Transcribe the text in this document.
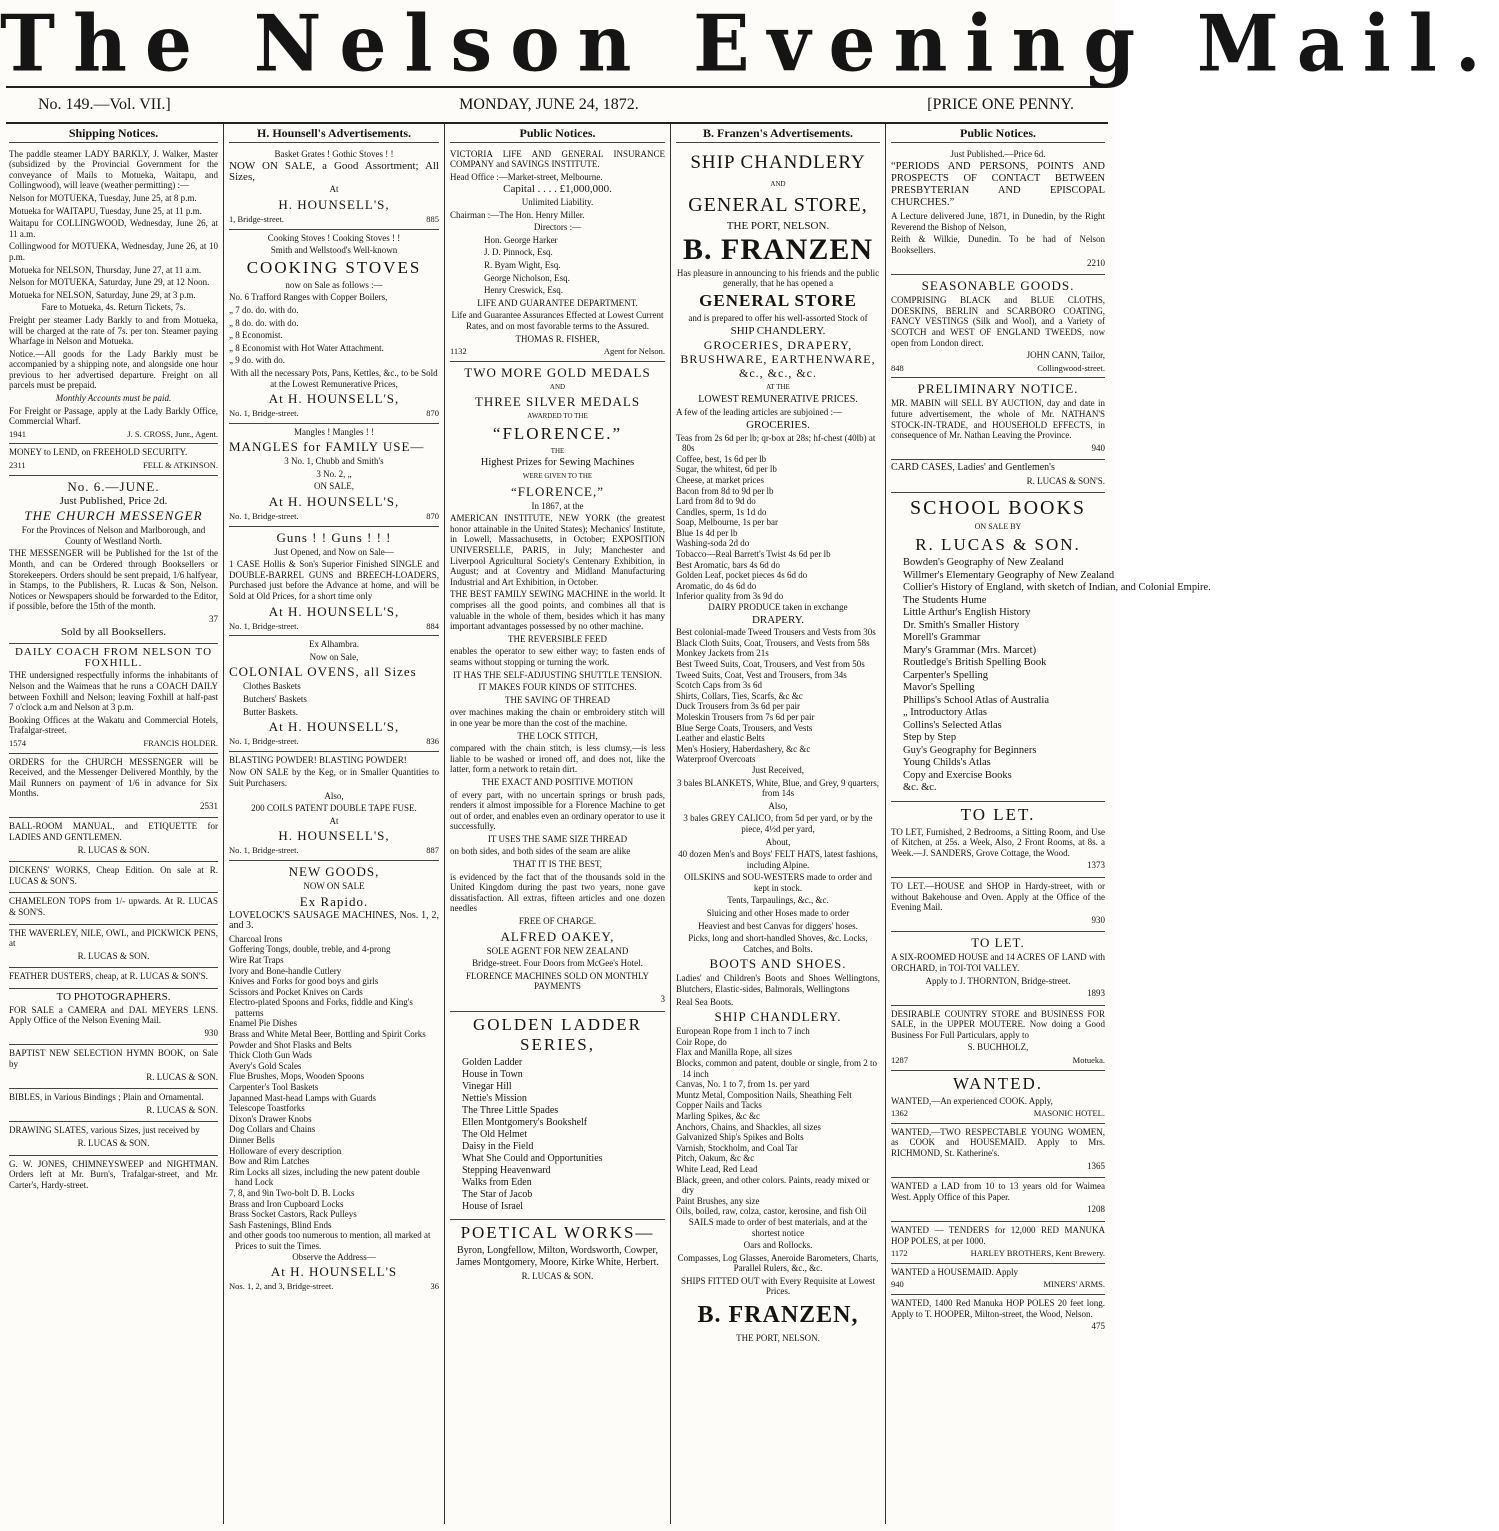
The Nelson Evening Mail.
No. 149.—Vol. VII.]	MONDAY, JUNE 24, 1872.	[PRICE ONE PENNY.
Shipping Notices.

The paddle steamer LADY BARKLY, J. Walker, Master (subsidized by the Provincial Government for the conveyance of Mails to Motueka, Waitapu, and Collingwood), will leave (weather permitting) :—

Nelson for MOTUEKA, Tuesday, June 25, at 8 p.m.

Motueka for WAITAPU, Tuesday, June 25, at 11 p.m.

Waitapu for COLLINGWOOD, Wednesday, June 26, at 11 a.m.

Collingwood for MOTUEKA, Wednesday, June 26, at 10 p.m.

Motueka for NELSON, Thursday, June 27, at 11 a.m.

Nelson for MOTUEKA, Saturday, June 29, at 12 Noon.

Motueka for NELSON, Saturday, June 29, at 3 p.m.

Fare to Motueka, 4s. Return Tickets, 7s.

Freight per steamer Lady Barkly to and from Motueka, will be charged at the rate of 7s. per ton. Steamer paying Wharfage in Nelson and Motueka.

Notice.—All goods for the Lady Barkly must be accompanied by a shipping note, and alongside one hour previous to her advertised departure. Freight on all parcels must be prepaid.

Monthly Accounts must be paid.

For Freight or Passage, apply at the Lady Barkly Office, Commercial Wharf.

1941	J. S. CROSS, Junr., Agent.

MONEY to LEND, on FREEHOLD SECURITY.

2311	FELL & ATKINSON.

No. 6.—JUNE.

Just Published, Price 2d.

THE CHURCH MESSENGER

For the Provinces of Nelson and Marlborough, and County of Westland North.

THE MESSENGER will be Published for the 1st of the Month, and can be Ordered through Booksellers or Storekeepers. Orders should be sent prepaid, 1/6 halfyear, in Stamps, to the Publishers, R. Lucas & Son, Nelson. Notices or Newspapers should be forwarded to the Editor, if possible, before the 15th of the month.

37

Sold by all Booksellers.

DAILY COACH FROM NELSON TO FOXHILL.

THE undersigned respectfully informs the inhabitants of Nelson and the Waimeas that he runs a COACH DAILY between Foxhill and Nelson; leaving Foxhill at half-past 7 o'clock a.m and Nelson at 3 p.m.

Booking Offices at the Wakatu and Commercial Hotels, Trafalgar-street.

1574	FRANCIS HOLDER.

ORDERS for the CHURCH MESSENGER will be Received, and the Messenger Delivered Monthly, by the Mail Runners on payment of 1/6 in advance for Six Months.

2531

BALL-ROOM MANUAL, and ETIQUETTE for LADIES AND GENTLEMEN.

R. LUCAS & SON.

DICKENS' WORKS, Cheap Edition. On sale at R. LUCAS & SON'S.

CHAMELEON TOPS from 1/- upwards. At R. LUCAS & SON'S.

THE WAVERLEY, NILE, OWL, and PICKWICK PENS, at

R. LUCAS & SON.

FEATHER DUSTERS, cheap, at R. LUCAS & SON'S.

TO PHOTOGRAPHERS.

FOR SALE a CAMERA and DAL MEYERS LENS. Apply Office of the Nelson Evening Mail.

930

BAPTIST NEW SELECTION HYMN BOOK, on Sale by

R. LUCAS & SON.

BIBLES, in Various Bindings ; Plain and Ornamental.

R. LUCAS & SON.

DRAWING SLATES, various Sizes, just received by

R. LUCAS & SON.

G. W. JONES, CHIMNEYSWEEP and NIGHTMAN. Orders left at Mr. Burn's, Trafalgar-street, and Mr. Carter's, Hardy-street.

H. Hounsell's Advertisements.

Basket Grates ! Gothic Stoves ! !

NOW ON SALE, a Good Assortment; All Sizes,

At

H. HOUNSELL'S,

1, Bridge-street.	885

Cooking Stoves ! Cooking Stoves ! !

Smith and Wellstood's Well-known

COOKING STOVES

now on Sale as follows :—

No. 6 Trafford Ranges with Copper Boilers,

„ 7 do. do. with do.

„ 8 do. do. with do.

„ 8 Economist.

„ 8 Economist with Hot Water Attachment.

„ 9 do. with do.

With all the necessary Pots, Pans, Kettles, &c., to be Sold at the Lowest Remunerative Prices,

At H. HOUNSELL'S,

No. 1, Bridge-street.	870

Mangles ! Mangles ! !

MANGLES for FAMILY USE—

3 No. 1, Chubb and Smith's

3 No. 2, „

ON SALE,

At H. HOUNSELL'S,

No. 1, Bridge-street.	870

Guns ! ! Guns ! ! !

Just Opened, and Now on Sale—

1 CASE Hollis & Son's Superior Finished SINGLE and DOUBLE-BARREL GUNS and BREECH-LOADERS, Purchased just before the Advance at home, and will be Sold at Old Prices, for a short time only

At H. HOUNSELL'S,

No. 1, Bridge-street.	884

Ex Alhambra.

Now on Sale,

COLONIAL OVENS, all Sizes

Clothes Baskets

Butchers' Baskets

Butter Baskets.

At H. HOUNSELL'S,

No. 1, Bridge-street.	836

BLASTING POWDER! BLASTING POWDER!

Now ON SALE by the Keg, or in Smaller Quantities to Suit Purchasers.

Also,

200 COILS PATENT DOUBLE TAPE FUSE.

At

H. HOUNSELL'S,

No. 1, Bridge-street.	887

NEW GOODS,

NOW ON SALE

Ex Rapido.

LOVELOCK'S SAUSAGE MACHINES, Nos. 1, 2, and 3.

Charcoal Irons
Goffering Tongs, double, treble, and 4-prong
Wire Rat Traps
Ivory and Bone-handle Cutlery
Knives and Forks for good boys and girls
Scissors and Pocket Knives on Cards
Electro-plated Spoons and Forks, fiddle and King's patterns
Enamel Pie Dishes
Brass and White Metal Beer, Bottling and Spirit Corks
Powder and Shot Flasks and Belts
Thick Cloth Gun Wads
Avery's Gold Scales
Flue Brushes, Mops, Wooden Spoons
Carpenter's Tool Baskets
Japanned Mast-head Lamps with Guards
Telescope Toastforks
Dixon's Drawer Knobs
Dog Collars and Chains
Dinner Bells
Holloware of every description
Bow and Rim Latches
Rim Locks all sizes, including the new patent double hand Lock
7, 8, and 9in Two-bolt D. B. Locks
Brass and Iron Cupboard Locks
Brass Socket Castors, Rack Pulleys
Sash Fastenings, Blind Ends
and other goods too numerous to mention, all marked at Prices to suit the Times.

Observe the Address—

At H. HOUNSELL'S

Nos. 1, 2, and 3, Bridge-street.	36
Public Notices.

VICTORIA LIFE AND GENERAL INSURANCE COMPANY and SAVINGS INSTITUTE.

Head Office :—Market-street, Melbourne.

Capital . . . . £1,000,000.

Unlimited Liability.

Chairman :—The Hon. Henry Miller.

Directors :—

Hon. George Harker

J. D. Pinnock, Esq.

R. Byam Wight, Esq.

George Nicholson, Esq.

Henry Creswick, Esq.

LIFE AND GUARANTEE DEPARTMENT.

Life and Guarantee Assurances Effected at Lowest Current Rates, and on most favorable terms to the Assured.

THOMAS R. FISHER,

1132	Agent for Nelson.

TWO MORE GOLD MEDALS

AND

THREE SILVER MEDALS

AWARDED TO THE

“FLORENCE.”

THE

Highest Prizes for Sewing Machines

WERE GIVEN TO THE

“FLORENCE,”

In 1867, at the

AMERICAN INSTITUTE, NEW YORK (the greatest honor attainable in the United States); Mechanics' Institute, in Lowell, Massachusetts, in October; EXPOSITION UNIVERSELLE, PARIS, in July; Manchester and Liverpool Agricultural Society's Centenary Exhibition, in August; and at Coventry and Midland Manufacturing Industrial and Art Exhibition, in October.

THE BEST FAMILY SEWING MACHINE in the world. It comprises all the good points, and combines all that is valuable in the whole of them, besides which it has many important advantages possessed by no other machine.

THE REVERSIBLE FEED

enables the operator to sew either way; to fasten ends of seams without stopping or turning the work.

IT HAS THE SELF-ADJUSTING SHUTTLE TENSION.

IT MAKES FOUR KINDS OF STITCHES.

THE SAVING OF THREAD

over machines making the chain or embroidery stitch will in one year be more than the cost of the machine.

THE LOCK STITCH,

compared with the chain stitch, is less clumsy,—is less liable to be washed or ironed off, and does not, like the latter, form a network to retain dirt.

THE EXACT AND POSITIVE MOTION

of every part, with no uncertain springs or brush pads, renders it almost impossible for a Florence Machine to get out of order, and enables even an ordinary operator to use it successfully.

IT USES THE SAME SIZE THREAD

on both sides, and both sides of the seam are alike

THAT IT IS THE BEST,

is evidenced by the fact that of the thousands sold in the United Kingdom during the past two years, none gave dissatisfaction. All extras, fifteen articles and one dozen needles

FREE OF CHARGE.

ALFRED OAKEY,

SOLE AGENT FOR NEW ZEALAND

Bridge-street. Four Doors from McGee's Hotel.

FLORENCE MACHINES SOLD ON MONTHLY PAYMENTS

3

GOLDEN LADDER SERIES,

Golden Ladder
House in Town
Vinegar Hill
Nettie's Mission
The Three Little Spades
Ellen Montgomery's Bookshelf
The Old Helmet
Daisy in the Field
What She Could and Opportunities
Stepping Heavenward
Walks from Eden
The Star of Jacob
House of Israel

POETICAL WORKS—

Byron, Longfellow, Milton, Wordsworth, Cowper, James Montgomery, Moore, Kirke White, Herbert.

R. LUCAS & SON.

B. Franzen's Advertisements.

SHIP CHANDLERY

AND

GENERAL STORE,

THE PORT, NELSON.

B. FRANZEN

Has pleasure in announcing to his friends and the public generally, that he has opened a

GENERAL STORE

and is prepared to offer his well-assorted Stock of

SHIP CHANDLERY.

GROCERIES, DRAPERY, BRUSHWARE, EARTHENWARE, &c., &c., &c.

AT THE

LOWEST REMUNERATIVE PRICES.

A few of the leading articles are subjoined :—

GROCERIES.

Teas from 2s 6d per lb; qr-box at 28s; hf-chest (40lb) at 80s
Coffee, best, 1s 6d per lb
Sugar, the whitest, 6d per lb
Cheese, at market prices
Bacon from 8d to 9d per lb
Lard from 8d to 9d do
Candles, sperm, 1s 1d do
Soap, Melbourne, 1s per bar
Blue 1s 4d per lb
Washing-soda 2d do
Tobacco—Real Barrett's Twist 4s 6d per lb
Best Aromatic, bars 4s 6d do
Golden Leaf, pocket pieces 4s 6d do
Aromatic, do 4s 6d do
Inferior quality from 3s 9d do

DAIRY PRODUCE taken in exchange

DRAPERY.

Best colonial-made Tweed Trousers and Vests from 30s
Black Cloth Suits, Coat, Trousers, and Vests from 58s
Monkey Jackets from 21s
Best Tweed Suits, Coat, Trousers, and Vest from 50s
Tweed Suits, Coat, Vest and Trousers, from 34s
Scotch Caps from 3s 6d
Shirts, Collars, Ties, Scarfs, &c &c
Duck Trousers from 3s 6d per pair
Moleskin Trousers from 7s 6d per pair
Blue Serge Coats, Trousers, and Vests
Leather and elastic Belts
Men's Hosiery, Haberdashery, &c &c
Waterproof Overcoats

Just Received,

3 bales BLANKETS, White, Blue, and Grey, 9 quarters, from 14s

Also,

3 bales GREY CALICO, from 5d per yard, or by the piece, 4½d per yard,

About,

40 dozen Men's and Boys' FELT HATS, latest fashions, including Alpine.

OILSKINS and SOU-WESTERS made to order and kept in stock.

Tents, Tarpaulings, &c., &c.

Sluicing and other Hoses made to order

Heaviest and best Canvas for diggers' hoses.

Picks, long and short-handled Shoves, &c. Locks, Catches, and Bolts.

BOOTS AND SHOES.

Ladies' and Children's Boots and Shoes Wellingtons, Blutchers, Elastic-sides, Balmorals, Wellingtons

Real Sea Boots.

SHIP CHANDLERY.

European Rope from 1 inch to 7 inch
Coir Rope, do
Flax and Manilla Rope, all sizes
Blocks, common and patent, double or single, from 2 to 14 inch
Canvas, No. 1 to 7, from 1s. per yard
Muntz Metal, Composition Nails, Sheathing Felt
Copper Nails and Tacks
Marling Spikes, &c &c
Anchors, Chains, and Shackles, all sizes
Galvanized Ship's Spikes and Bolts
Varnish, Stockholm, and Coal Tar
Pitch, Oakum, &c &c
White Lead, Red Lead
Black, green, and other colors. Paints, ready mixed or dry
Paint Brushes, any size
Oils, boiled, raw, colza, castor, kerosine, and fish Oil

SAILS made to order of best materials, and at the shortest notice

Oars and Rollocks.

Compasses, Log Glasses, Aneroide Barometers, Charts, Parallel Rulers, &c., &c.

SHIPS FITTED OUT with Every Requisite at Lowest Prices.

B. FRANZEN,

THE PORT, NELSON.

Public Notices.

Just Published.—Price 6d.

“PERIODS AND PERSONS, POINTS AND PROSPECTS OF CONTACT BETWEEN PRESBYTERIAN AND EPISCOPAL CHURCHES.”

A Lecture delivered June, 1871, in Dunedin, by the Right Reverend the Bishop of Nelson,

Reith & Wilkie, Dunedin. To be had of Nelson Booksellers.

2210

SEASONABLE GOODS.

COMPRISING BLACK and BLUE CLOTHS, DOESKINS, BERLIN and SCARBORO COATING, FANCY VESTINGS (Silk and Wool), and a Variety of SCOTCH and WEST OF ENGLAND TWEEDS, now open from London direct.

JOHN CANN, Tailor,

848	Collingwood-street.

PRELIMINARY NOTICE.

MR. MABIN will SELL BY AUCTION, day and date in future advertisement, the whole of Mr. NATHAN'S STOCK-IN-TRADE, and HOUSEHOLD EFFECTS, in consequence of Mr. Nathan Leaving the Province.

940

CARD CASES, Ladies' and Gentlemen's

R. LUCAS & SON'S.

SCHOOL BOOKS

ON SALE BY

R. LUCAS & SON.

Bowden's Geography of New Zealand
Willmer's Elementary Geography of New Zealand
Collier's History of England, with sketch of Indian, and Colonial Empire.
The Students Hume
Little Arthur's English History
Dr. Smith's Smaller History
Morell's Grammar
Mary's Grammar (Mrs. Marcet)
Routledge's British Spelling Book
Carpenter's Spelling
Mavor's Spelling
Phillips's School Atlas of Australia
„ Introductory Atlas
Collins's Selected Atlas
Step by Step
Guy's Geography for Beginners
Young Childs's Atlas
Copy and Exercise Books
&c. &c.

TO LET.

TO LET, Furnished, 2 Bedrooms, a Sitting Room, and Use of Kitchen, at 25s. a Week, Also, 2 Front Rooms, at 8s. a Week.—J. SANDERS, Grove Cottage, the Wood.

1373

TO LET.—HOUSE and SHOP in Hardy-street, with or without Bakehouse and Oven. Apply at the Office of the Evening Mail.

930

TO LET.

A SIX-ROOMED HOUSE and 14 ACRES OF LAND with ORCHARD, in TOI-TOI VALLEY.

Apply to J. THORNTON, Bridge-street.

1893

DESIRABLE COUNTRY STORE and BUSINESS FOR SALE, in the UPPER MOUTERE. Now doing a Good Business For Full Particulars, apply to

S. BUCHHOLZ,

1287	Motueka.

WANTED.

WANTED,—An experienced COOK. Apply,

1362	MASONIC HOTEL.

WANTED,—TWO RESPECTABLE YOUNG WOMEN, as COOK and HOUSEMAID. Apply to Mrs. RICHMOND, St. Katherine's.

1365

WANTED a LAD from 10 to 13 years old for Waimea West. Apply Office of this Paper.

1208

WANTED — TENDERS for 12,000 RED MANUKA HOP POLES, at per 1000.

1172	HARLEY BROTHERS, Kent Brewery.

WANTED a HOUSEMAID. Apply

940	MINERS' ARMS.

WANTED, 1400 Red Manuka HOP POLES 20 feet long. Apply to T. HOOPER, Milton-street, the Wood, Nelson.

475
